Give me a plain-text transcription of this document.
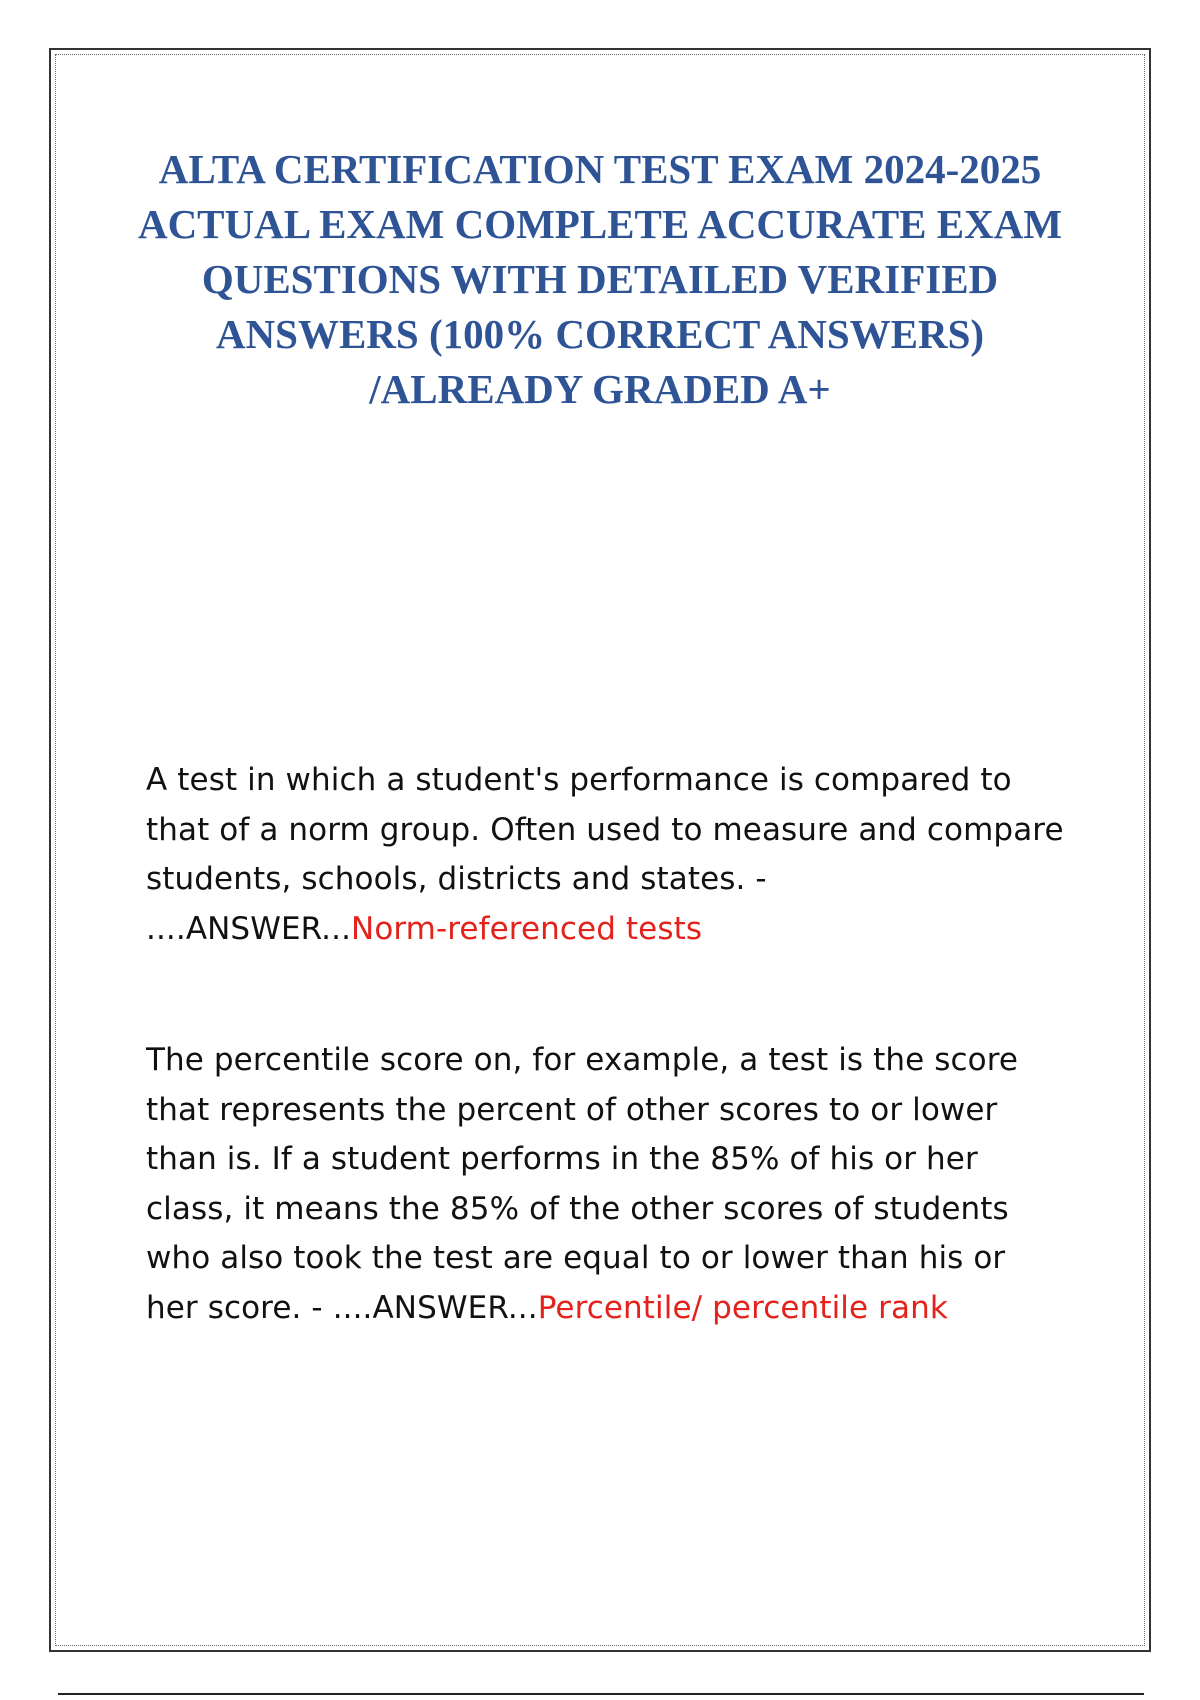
ALTA CERTIFICATION TEST EXAM 2024-2025 ACTUAL EXAM COMPLETE ACCURATE EXAM QUESTIONS WITH DETAILED VERIFIED ANSWERS (100% CORRECT ANSWERS) /ALREADY GRADED A+

A test in which a student's performance is compared to that of a norm group. Often used to measure and compare students, schools, districts and states. - ....ANSWER...Norm-referenced tests

The percentile score on, for example, a test is the score that represents the percent of other scores to or lower than is. If a student performs in the 85% of his or her class, it means the 85% of the other scores of students who also took the test are equal to or lower than his or her score. - ....ANSWER...Percentile/ percentile rank
